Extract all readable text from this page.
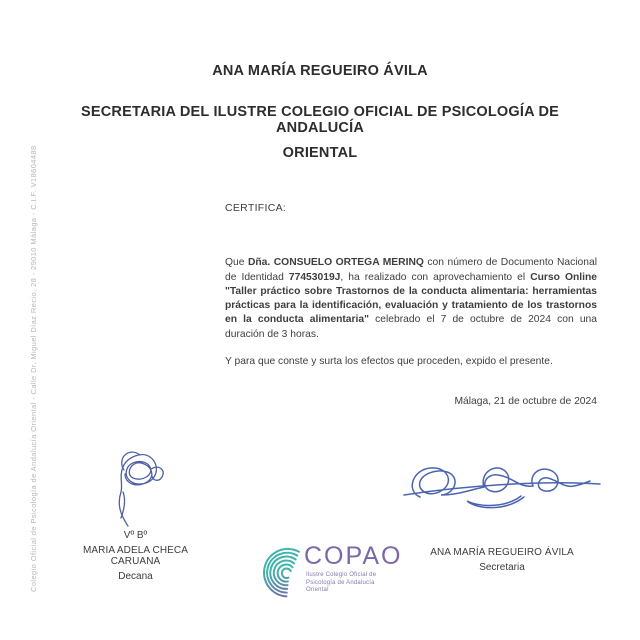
Colegio Oficial de Psicología de Andalucía Oriental - Calle Dr. Miguel Díaz Recio, 28 - 29010 Málaga - C.I.F. V18604488
ANA MARÍA REGUEIRO ÁVILA
SECRETARIA DEL ILUSTRE COLEGIO OFICIAL DE PSICOLOGÍA DE ANDALUCÍA
ORIENTAL
CERTIFICA:

Que Dña. CONSUELO ORTEGA MERINQ con número de Documento Nacional de Identidad 77453019J, ha realizado con aprovechamiento el Curso Online "Taller práctico sobre Trastornos de la conducta alimentaria: herramientas prácticas para la identificación, evaluación y tratamiento de los trastornos en la conducta alimentaria" celebrado el 7 de octubre de 2024 con una duración de 3 horas.

Y para que conste y surta los efectos que proceden, expido el presente.
Málaga, 21 de octubre de 2024
Vº Bº
MARIA ADELA CHECA CARUANA
Decana
ANA MARÍA REGUEIRO ÁVILA
Secretaria
COPAO
Ilustre Colegio Oficial de
Psicología de Andalucía
Oriental
